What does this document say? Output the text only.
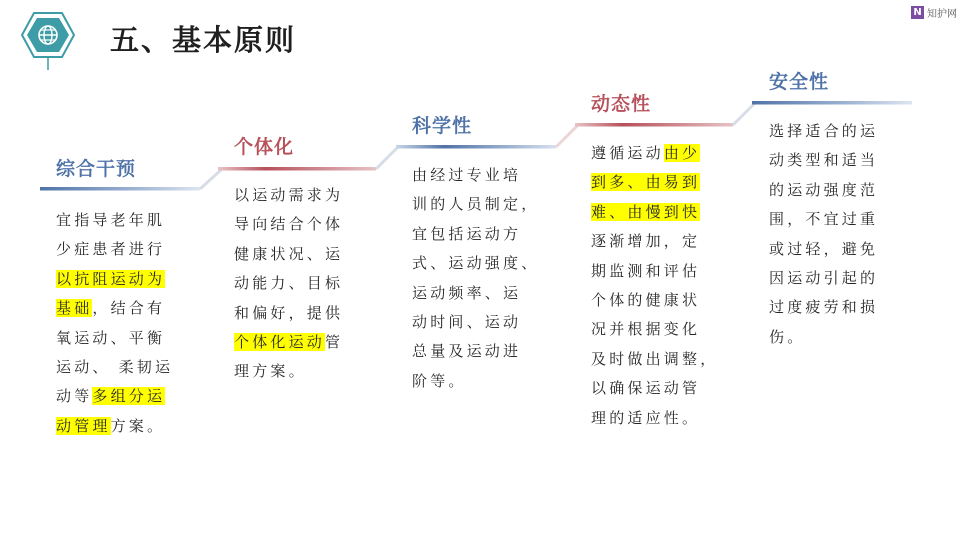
五、基本原则
N 知护网
综合干预
个体化
科学性
动态性
安全性
宜指导老年肌
少症患者进行
以抗阻运动为
基础，结合有
氧运动、平衡
运动、 柔韧运
动等多组分运
动管理方案。
以运动需求为
导向结合个体
健康状况、运
动能力、目标
和偏好，提供
个体化运动管
理方案。
由经过专业培
训的人员制定，
宜包括运动方
式、运动强度、
运动频率、运
动时间、运动
总量及运动进
阶等。
遵循运动由少
到多、由易到
难、由慢到快
逐渐增加，定
期监测和评估
个体的健康状
况并根据变化
及时做出调整，
以确保运动管
理的适应性。
选择适合的运
动类型和适当
的运动强度范
围，不宜过重
或过轻，避免
因运动引起的
过度疲劳和损
伤。
